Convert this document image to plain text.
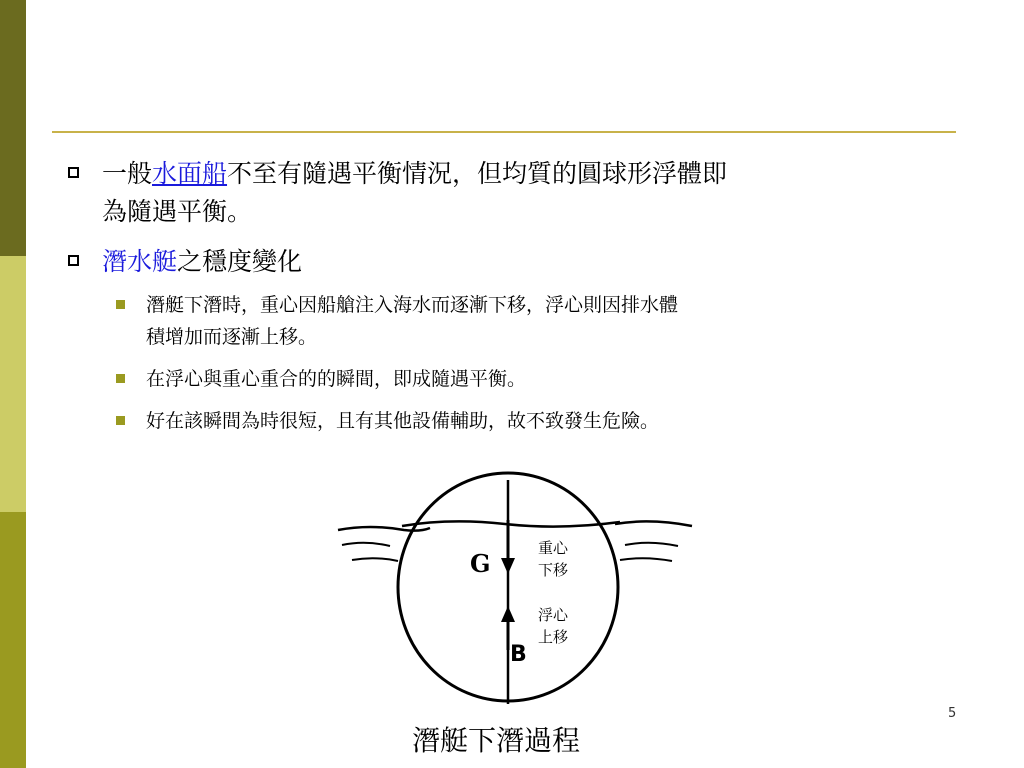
一般水面船不至有隨遇平衡情況，但均質的圓球形浮體即
為隨遇平衡。
潛水艇之穩度變化
潛艇下潛時，重心因船艙注入海水而逐漸下移，浮心則因排水體
積增加而逐漸上移。
在浮心與重心重合的的瞬間，即成隨遇平衡。
好在該瞬間為時很短，且有其他設備輔助，故不致發生危險。
G
B
重心
下移
浮心
上移
潛艇下潛過程
5
